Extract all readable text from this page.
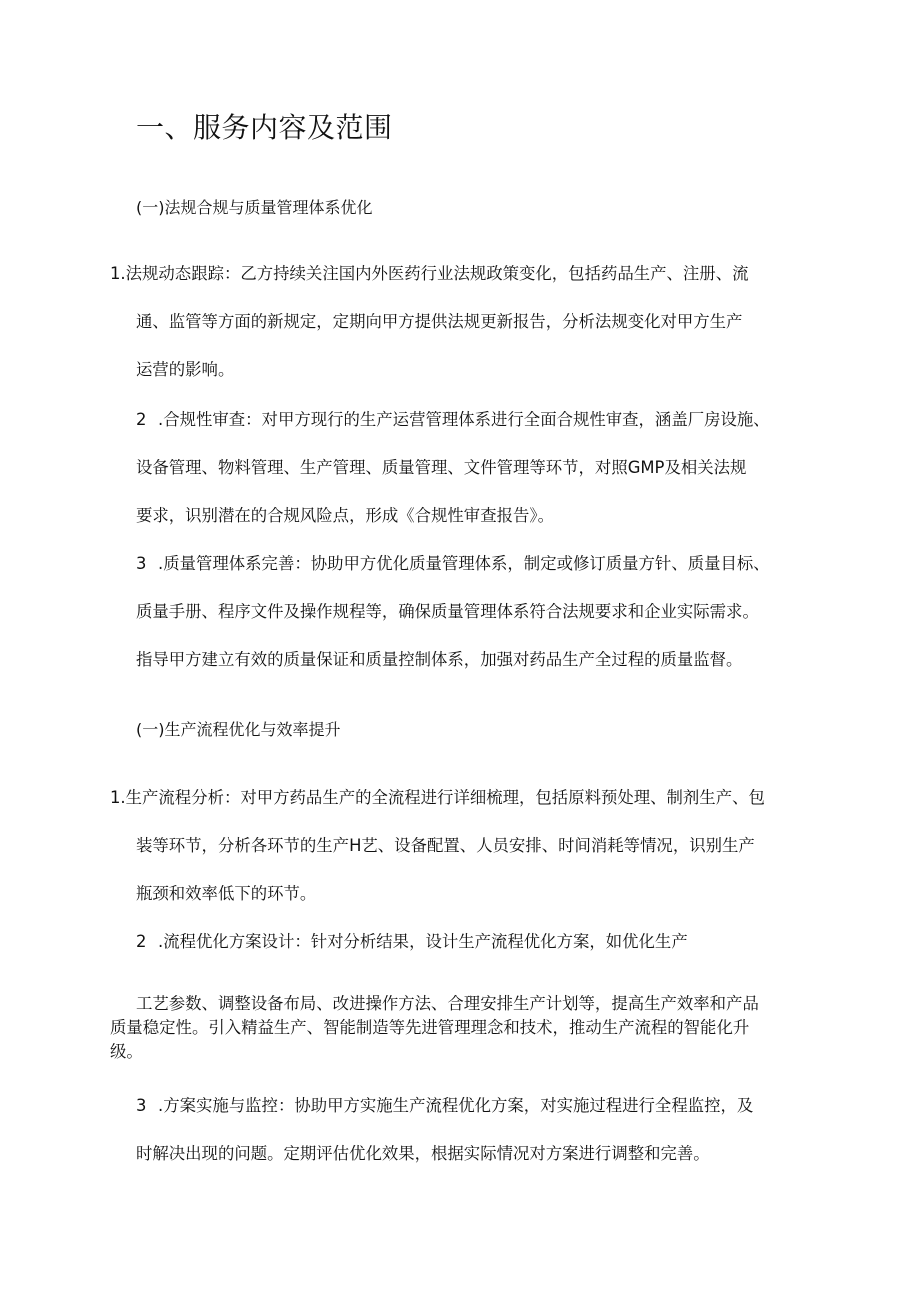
一、服务内容及范围

(一)法规合规与质量管理体系优化

1.法规动态跟踪：乙方持续关注国内外医药行业法规政策变化，包括药品生产、注册、流
通、监管等方面的新规定，定期向甲方提供法规更新报告，分析法规变化对甲方生产
运营的影响。
2 .合规性审查：对甲方现行的生产运营管理体系进行全面合规性审查，涵盖厂房设施、
设备管理、物料管理、生产管理、质量管理、文件管理等环节，对照GMP及相关法规
要求，识别潜在的合规风险点，形成《合规性审查报告》。
3 .质量管理体系完善：协助甲方优化质量管理体系，制定或修订质量方针、质量目标、
质量手册、程序文件及操作规程等，确保质量管理体系符合法规要求和企业实际需求。
指导甲方建立有效的质量保证和质量控制体系，加强对药品生产全过程的质量监督。

(一)生产流程优化与效率提升

1.生产流程分析：对甲方药品生产的全流程进行详细梳理，包括原料预处理、制剂生产、包
装等环节，分析各环节的生产H艺、设备配置、人员安排、时间消耗等情况，识别生产
瓶颈和效率低下的环节。
2 .流程优化方案设计：针对分析结果，设计生产流程优化方案，如优化生产
工艺参数、调整设备布局、改进操作方法、合理安排生产计划等，提高生产效率和产品
质量稳定性。引入精益生产、智能制造等先进管理理念和技术，推动生产流程的智能化升
级。
3 .方案实施与监控：协助甲方实施生产流程优化方案，对实施过程进行全程监控，及
时解决出现的问题。定期评估优化效果，根据实际情况对方案进行调整和完善。
